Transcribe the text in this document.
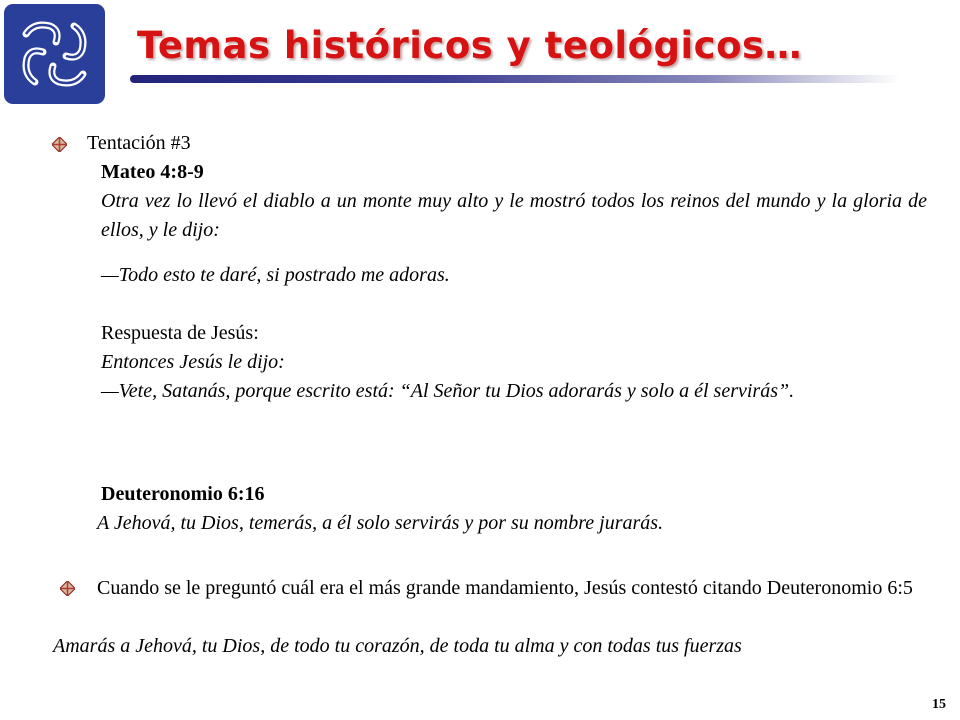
Temas históricos y teológicos…
Tentación #3
Mateo 4:8-9
Otra vez lo llevó el diablo a un monte muy alto y le mostró todos los reinos del mundo y la gloria de ellos, y le dijo:
—Todo esto te daré, si postrado me adoras.
Respuesta de Jesús:
Entonces Jesús le dijo:
—Vete, Satanás, porque escrito está: “Al Señor tu Dios adorarás y solo a él servirás”.
Deuteronomio 6:16
A Jehová, tu Dios, temerás, a él solo servirás y por su nombre jurarás.
Cuando se le preguntó cuál era el más grande mandamiento, Jesús contestó citando Deuteronomio 6:5
Amarás a Jehová, tu Dios, de todo tu corazón, de toda tu alma y con todas tus fuerzas
15
